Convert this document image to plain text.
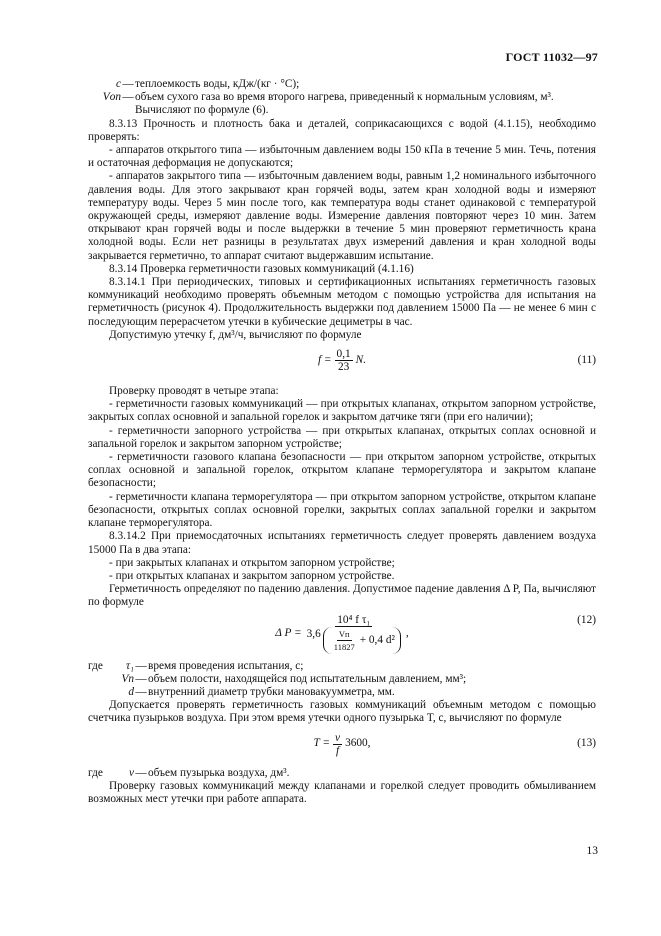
ГОСТ 11032—97
c — теплоемкость воды, кДж/(кг · °С);
Vоп — объем сухого газа во время второго нагрева, приведенный к нормальным условиям, м³.

Вычисляют по формуле (6).

8.3.13 Прочность и плотность бака и деталей, соприкасающихся с водой (4.1.15), необходимо проверять:

- аппаратов открытого типа — избыточным давлением воды 150 кПа в течение 5 мин. Течь, потения и остаточная деформация не допускаются;

- аппаратов закрытого типа — избыточным давлением воды, равным 1,2 номинального избыточного давления воды. Для этого закрывают кран горячей воды, затем кран холодной воды и измеряют температуру воды. Через 5 мин после того, как температура воды станет одинаковой с температурой окружающей среды, измеряют давление воды. Измерение давления повторяют через 10 мин. Затем открывают кран горячей воды и после выдержки в течение 5 мин проверяют герметичность крана холодной воды. Если нет разницы в результатах двух измерений давления и кран холодной воды закрывается герметично, то аппарат считают выдержавшим испытание.

8.3.14 Проверка герметичности газовых коммуникаций (4.1.16)

8.3.14.1 При периодических, типовых и сертификационных испытаниях герметичность газовых коммуникаций необходимо проверять объемным методом с помощью устройства для испытания на герметичность (рисунок 4). Продолжительность выдержки под давлением 15000 Па — не менее 6 мин с последующим перерасчетом утечки в кубические дециметры в час.

Допустимую утечку f, дм³/ч, вычисляют по формуле

$f = \frac{0,1}{23} N$.	(11)

Проверку проводят в четыре этапа:

- герметичности газовых коммуникаций — при открытых клапанах, открытом запорном устройстве, закрытых соплах основной и запальной горелок и закрытом датчике тяги (при его наличии);

- герметичности запорного устройства — при открытых клапанах, открытых соплах основной и запальной горелок и закрытом запорном устройстве;

- герметичности газового клапана безопасности — при открытом запорном устройстве, открытых соплах основной и запальной горелок, открытом клапане терморегулятора и закрытом клапане безопасности;

- герметичности клапана терморегулятора — при открытом запорном устройстве, открытом клапане безопасности, открытых соплах основной горелки, закрытых соплах запальной горелки и закрытом клапане терморегулятора.

8.3.14.2 При приемосдаточных испытаниях герметичность следует проверять давлением воздуха 15000 Па в два этапа:

- при закрытых клапанах и открытом запорном устройстве;

- при открытых клапанах и закрытом запорном устройстве.

Герметичность определяют по падению давления. Допустимое падение давления Δ P, Па, вычисляют по формуле

Δ $P = \frac{\text{10⁴ f τ₁}}{3,6 \frac{Vп}{11827} + 0,4 d^2}$ ,
(12)
где	τ₁ — время проведения испытания, с;
Vп — объем полости, находящейся под испытательным давлением, мм³;
d — внутренний диаметр трубки мановакуумметра, мм.

Допускается проверять герметичность газовых коммуникаций объемным методом с помощью счетчика пузырьков воздуха. При этом время утечки одного пузырька T, с, вычисляют по формуле

$T = \frac{v}{f} 3600$,	(13)
где	v — объем пузырька воздуха, дм³.

Проверку газовых коммуникаций между клапанами и горелкой следует проводить обмыливанием возможных мест утечки при работе аппарата.

13
